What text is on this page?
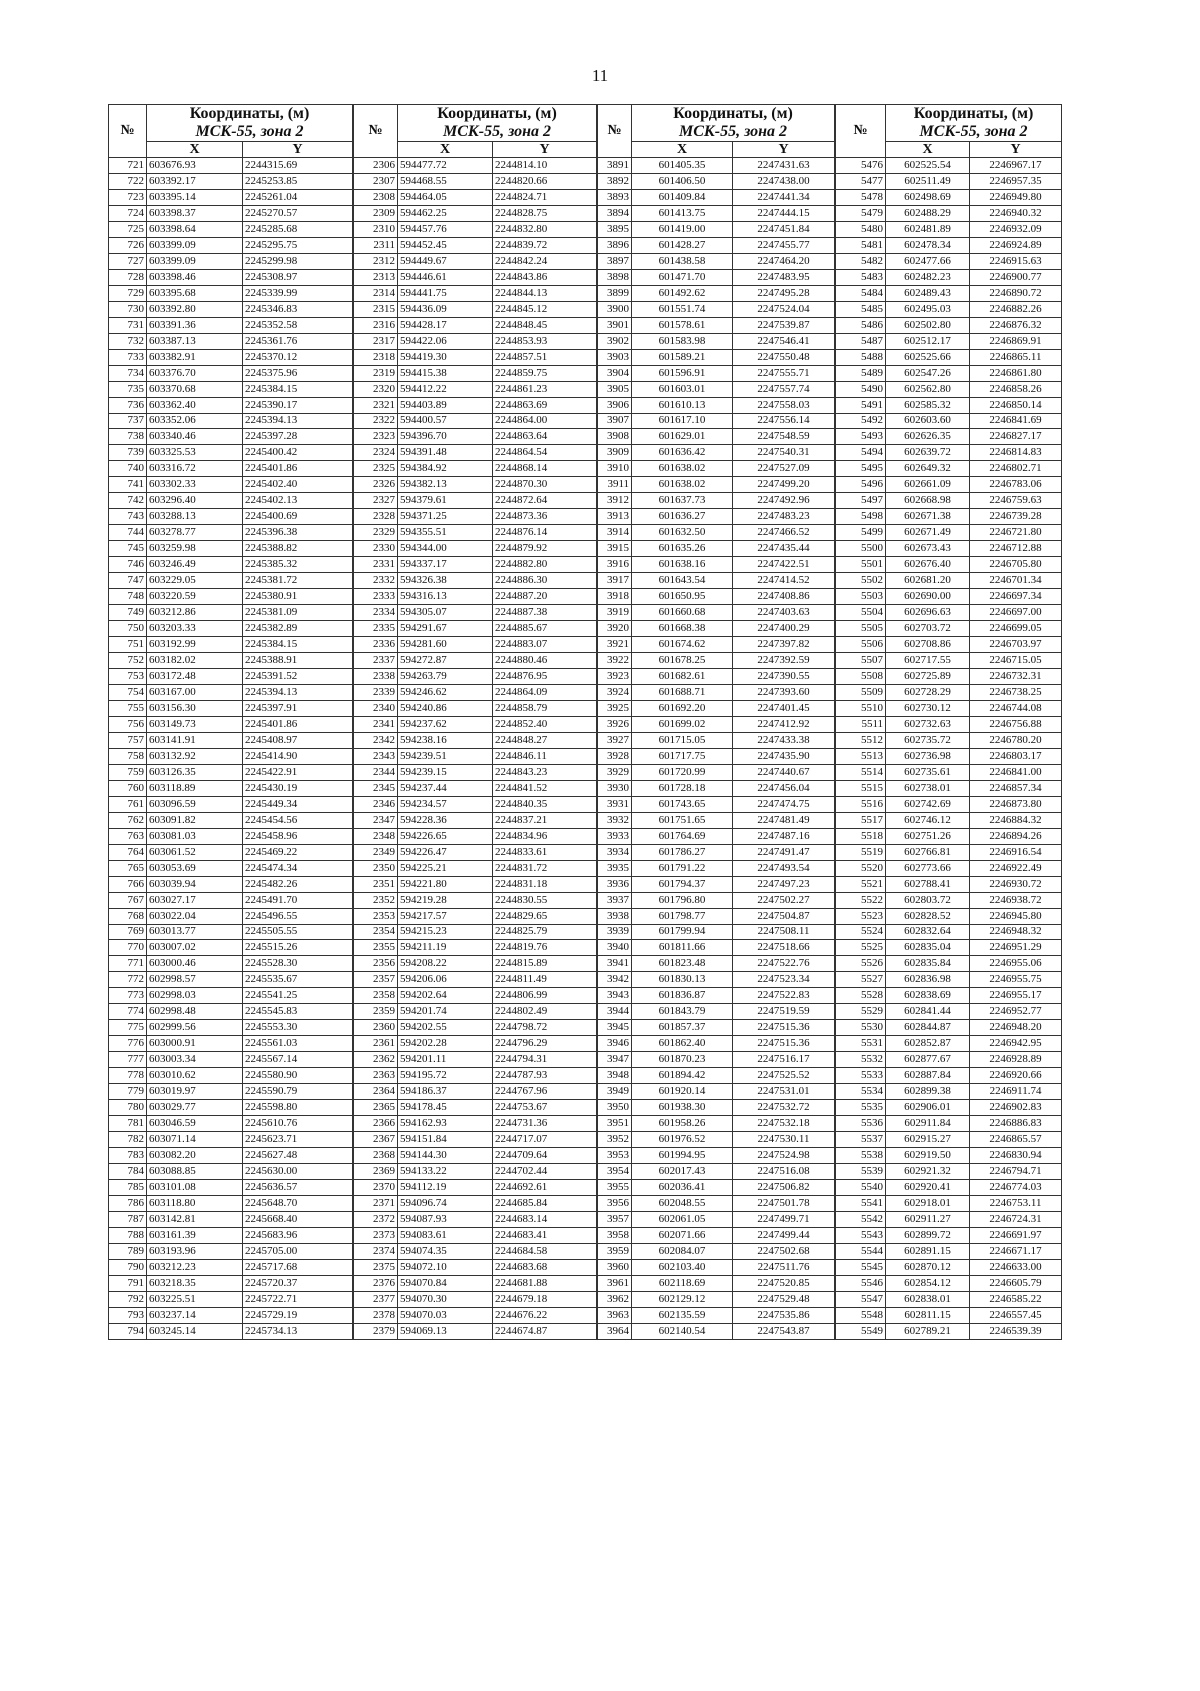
11
№	Координаты, (м)
МСК-55, зона 2	

	X	Y
721	603676.93	2244315.69
722	603392.17	2245253.85
723	603395.14	2245261.04
724	603398.37	2245270.57
725	603398.64	2245285.68
726	603399.09	2245295.75
727	603399.09	2245299.98
728	603398.46	2245308.97
729	603395.68	2245339.99
730	603392.80	2245346.83
731	603391.36	2245352.58
732	603387.13	2245361.76
733	603382.91	2245370.12
734	603376.70	2245375.96
735	603370.68	2245384.15
736	603362.40	2245390.17
737	603352.06	2245394.13
738	603340.46	2245397.28
739	603325.53	2245400.42
740	603316.72	2245401.86
741	603302.33	2245402.40
742	603296.40	2245402.13
743	603288.13	2245400.69
744	603278.77	2245396.38
745	603259.98	2245388.82
746	603246.49	2245385.32
747	603229.05	2245381.72
748	603220.59	2245380.91
749	603212.86	2245381.09
750	603203.33	2245382.89
751	603192.99	2245384.15
752	603182.02	2245388.91
753	603172.48	2245391.52
754	603167.00	2245394.13
755	603156.30	2245397.91
756	603149.73	2245401.86
757	603141.91	2245408.97
758	603132.92	2245414.90
759	603126.35	2245422.91
760	603118.89	2245430.19
761	603096.59	2245449.34
762	603091.82	2245454.56
763	603081.03	2245458.96
764	603061.52	2245469.22
765	603053.69	2245474.34
766	603039.94	2245482.26
767	603027.17	2245491.70
768	603022.04	2245496.55
769	603013.77	2245505.55
770	603007.02	2245515.26
771	603000.46	2245528.30
772	602998.57	2245535.67
773	602998.03	2245541.25
774	602998.48	2245545.83
775	602999.56	2245553.30
776	603000.91	2245561.03
777	603003.34	2245567.14
778	603010.62	2245580.90
779	603019.97	2245590.79
780	603029.77	2245598.80
781	603046.59	2245610.76
782	603071.14	2245623.71
783	603082.20	2245627.48
784	603088.85	2245630.00
785	603101.08	2245636.57
786	603118.80	2245648.70
787	603142.81	2245668.40
788	603161.39	2245683.96
789	603193.96	2245705.00
790	603212.23	2245717.68
791	603218.35	2245720.37
792	603225.51	2245722.71
793	603237.14	2245729.19
794	603245.14	2245734.13
№	Координаты, (м)
МСК-55, зона 2	

	X	Y
2306	594477.72	2244814.10
2307	594468.55	2244820.66
2308	594464.05	2244824.71
2309	594462.25	2244828.75
2310	594457.76	2244832.80
2311	594452.45	2244839.72
2312	594449.67	2244842.24
2313	594446.61	2244843.86
2314	594441.75	2244844.13
2315	594436.09	2244845.12
2316	594428.17	2244848.45
2317	594422.06	2244853.93
2318	594419.30	2244857.51
2319	594415.38	2244859.75
2320	594412.22	2244861.23
2321	594403.89	2244863.69
2322	594400.57	2244864.00
2323	594396.70	2244863.64
2324	594391.48	2244864.54
2325	594384.92	2244868.14
2326	594382.13	2244870.30
2327	594379.61	2244872.64
2328	594371.25	2244873.36
2329	594355.51	2244876.14
2330	594344.00	2244879.92
2331	594337.17	2244882.80
2332	594326.38	2244886.30
2333	594316.13	2244887.20
2334	594305.07	2244887.38
2335	594291.67	2244885.67
2336	594281.60	2244883.07
2337	594272.87	2244880.46
2338	594263.79	2244876.95
2339	594246.62	2244864.09
2340	594240.86	2244858.79
2341	594237.62	2244852.40
2342	594238.16	2244848.27
2343	594239.51	2244846.11
2344	594239.15	2244843.23
2345	594237.44	2244841.52
2346	594234.57	2244840.35
2347	594228.36	2244837.21
2348	594226.65	2244834.96
2349	594226.47	2244833.61
2350	594225.21	2244831.72
2351	594221.80	2244831.18
2352	594219.28	2244830.55
2353	594217.57	2244829.65
2354	594215.23	2244825.79
2355	594211.19	2244819.76
2356	594208.22	2244815.89
2357	594206.06	2244811.49
2358	594202.64	2244806.99
2359	594201.74	2244802.49
2360	594202.55	2244798.72
2361	594202.28	2244796.29
2362	594201.11	2244794.31
2363	594195.72	2244787.93
2364	594186.37	2244767.96
2365	594178.45	2244753.67
2366	594162.93	2244731.36
2367	594151.84	2244717.07
2368	594144.30	2244709.64
2369	594133.22	2244702.44
2370	594112.19	2244692.61
2371	594096.74	2244685.84
2372	594087.93	2244683.14
2373	594083.61	2244683.41
2374	594074.35	2244684.58
2375	594072.10	2244683.68
2376	594070.84	2244681.88
2377	594070.30	2244679.18
2378	594070.03	2244676.22
2379	594069.13	2244674.87
№	Координаты, (м)
МСК-55, зона 2	

	X	Y
3891	601405.35	2247431.63
3892	601406.50	2247438.00
3893	601409.84	2247441.34
3894	601413.75	2247444.15
3895	601419.00	2247451.84
3896	601428.27	2247455.77
3897	601438.58	2247464.20
3898	601471.70	2247483.95
3899	601492.62	2247495.28
3900	601551.74	2247524.04
3901	601578.61	2247539.87
3902	601583.98	2247546.41
3903	601589.21	2247550.48
3904	601596.91	2247555.71
3905	601603.01	2247557.74
3906	601610.13	2247558.03
3907	601617.10	2247556.14
3908	601629.01	2247548.59
3909	601636.42	2247540.31
3910	601638.02	2247527.09
3911	601638.02	2247499.20
3912	601637.73	2247492.96
3913	601636.27	2247483.23
3914	601632.50	2247466.52
3915	601635.26	2247435.44
3916	601638.16	2247422.51
3917	601643.54	2247414.52
3918	601650.95	2247408.86
3919	601660.68	2247403.63
3920	601668.38	2247400.29
3921	601674.62	2247397.82
3922	601678.25	2247392.59
3923	601682.61	2247390.55
3924	601688.71	2247393.60
3925	601692.20	2247401.45
3926	601699.02	2247412.92
3927	601715.05	2247433.38
3928	601717.75	2247435.90
3929	601720.99	2247440.67
3930	601728.18	2247456.04
3931	601743.65	2247474.75
3932	601751.65	2247481.49
3933	601764.69	2247487.16
3934	601786.27	2247491.47
3935	601791.22	2247493.54
3936	601794.37	2247497.23
3937	601796.80	2247502.27
3938	601798.77	2247504.87
3939	601799.94	2247508.11
3940	601811.66	2247518.66
3941	601823.48	2247522.76
3942	601830.13	2247523.34
3943	601836.87	2247522.83
3944	601843.79	2247519.59
3945	601857.37	2247515.36
3946	601862.40	2247515.36
3947	601870.23	2247516.17
3948	601894.42	2247525.52
3949	601920.14	2247531.01
3950	601938.30	2247532.72
3951	601958.26	2247532.18
3952	601976.52	2247530.11
3953	601994.95	2247524.98
3954	602017.43	2247516.08
3955	602036.41	2247506.82
3956	602048.55	2247501.78
3957	602061.05	2247499.71
3958	602071.66	2247499.44
3959	602084.07	2247502.68
3960	602103.40	2247511.76
3961	602118.69	2247520.85
3962	602129.12	2247529.48
3963	602135.59	2247535.86
3964	602140.54	2247543.87
№	Координаты, (м)
МСК-55, зона 2	

	X	Y
5476	602525.54	2246967.17
5477	602511.49	2246957.35
5478	602498.69	2246949.80
5479	602488.29	2246940.32
5480	602481.89	2246932.09
5481	602478.34	2246924.89
5482	602477.66	2246915.63
5483	602482.23	2246900.77
5484	602489.43	2246890.72
5485	602495.03	2246882.26
5486	602502.80	2246876.32
5487	602512.17	2246869.91
5488	602525.66	2246865.11
5489	602547.26	2246861.80
5490	602562.80	2246858.26
5491	602585.32	2246850.14
5492	602603.60	2246841.69
5493	602626.35	2246827.17
5494	602639.72	2246814.83
5495	602649.32	2246802.71
5496	602661.09	2246783.06
5497	602668.98	2246759.63
5498	602671.38	2246739.28
5499	602671.49	2246721.80
5500	602673.43	2246712.88
5501	602676.40	2246705.80
5502	602681.20	2246701.34
5503	602690.00	2246697.34
5504	602696.63	2246697.00
5505	602703.72	2246699.05
5506	602708.86	2246703.97
5507	602717.55	2246715.05
5508	602725.89	2246732.31
5509	602728.29	2246738.25
5510	602730.12	2246744.08
5511	602732.63	2246756.88
5512	602735.72	2246780.20
5513	602736.98	2246803.17
5514	602735.61	2246841.00
5515	602738.01	2246857.34
5516	602742.69	2246873.80
5517	602746.12	2246884.32
5518	602751.26	2246894.26
5519	602766.81	2246916.54
5520	602773.66	2246922.49
5521	602788.41	2246930.72
5522	602803.72	2246938.72
5523	602828.52	2246945.80
5524	602832.64	2246948.32
5525	602835.04	2246951.29
5526	602835.84	2246955.06
5527	602836.98	2246955.75
5528	602838.69	2246955.17
5529	602841.44	2246952.77
5530	602844.87	2246948.20
5531	602852.87	2246942.95
5532	602877.67	2246928.89
5533	602887.84	2246920.66
5534	602899.38	2246911.74
5535	602906.01	2246902.83
5536	602911.84	2246886.83
5537	602915.27	2246865.57
5538	602919.50	2246830.94
5539	602921.32	2246794.71
5540	602920.41	2246774.03
5541	602918.01	2246753.11
5542	602911.27	2246724.31
5543	602899.72	2246691.97
5544	602891.15	2246671.17
5545	602870.12	2246633.00
5546	602854.12	2246605.79
5547	602838.01	2246585.22
5548	602811.15	2246557.45
5549	602789.21	2246539.39
